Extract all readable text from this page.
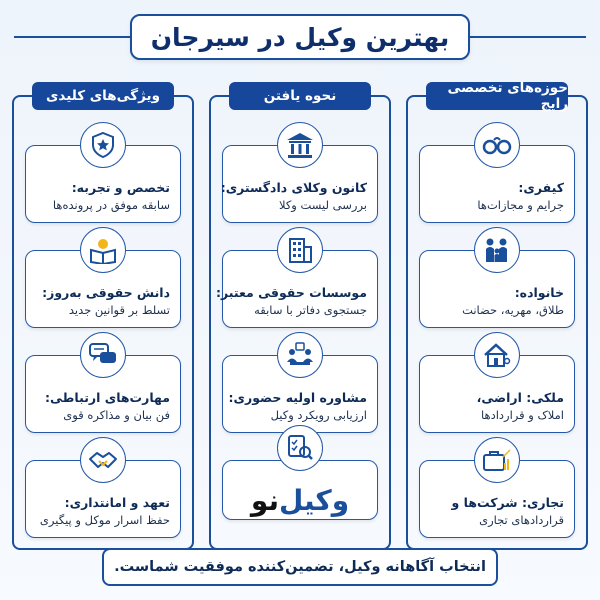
بهترین وکیل در سیرجان
ویژگی‌های کلیدی	نحوه یافتن	حوزه‌های تخصصی رایج
تخصص و تجربه:
سابقه موفق در پرونده‌ها
دانش حقوقی به‌روز:
تسلط بر قوانین جدید
مهارت‌های ارتباطی:
فن بیان و مذاکره قوی
تعهد و امانتداری:
حفظ اسرار موکل و پیگیری
کانون وکلای دادگستری:
بررسی لیست وکلا
موسسات حقوقی معتبر:
جستجوی دفاتر با سابقه
مشاوره اولیه حضوری:
ارزیابی رویکرد وکیل
وکیل
نو
کیفری:
جرایم و مجازات‌ها
خانواده:
طلاق، مهریه، حضانت
ملکی: اراضی،
املاک و قراردادها
تجاری: شرکت‌ها و
قراردادهای تجاری
انتخاب آگاهانه وکیل، تضمین‌کننده موفقیت شماست.
